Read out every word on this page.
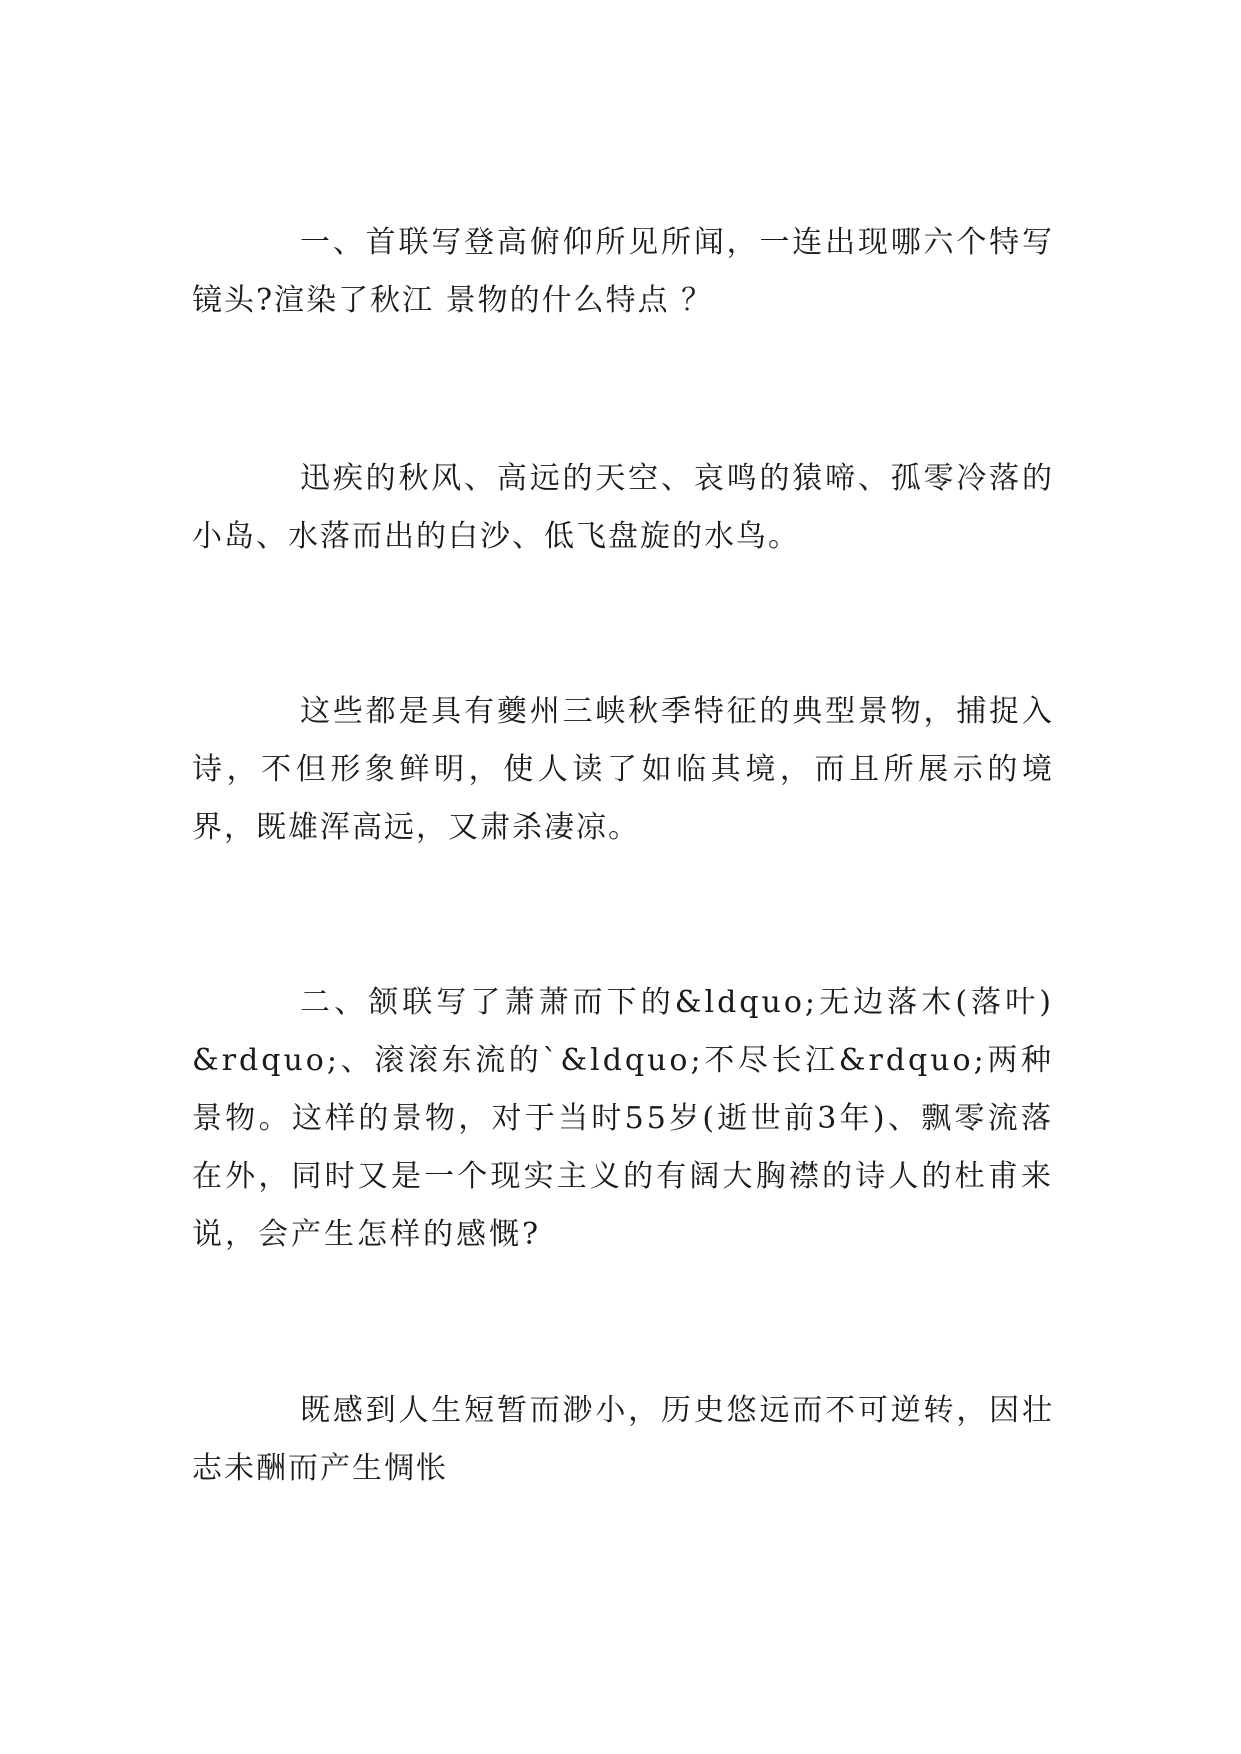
一、首联写登高俯仰所见所闻，一连出现哪六个特写镜头?渲染了秋江 景物的什么特点 ？

迅疾的秋风、高远的天空、哀鸣的猿啼、孤零冷落的小岛、水落而出的白沙、低飞盘旋的水鸟。

这些都是具有夔州三峡秋季特征的典型景物，捕捉入诗，不但形象鲜明，使人读了如临其境，而且所展示的境界，既雄浑高远，又肃杀凄凉。

二、颔联写了萧萧而下的&ldquo;无边落木(落叶)&rdquo;、滚滚东流的`&ldquo;不尽长江&rdquo;两种景物。这样的景物，对于当时55岁(逝世前3年)、飘零流落在外，同时又是一个现实主义的有阔大胸襟的诗人的杜甫来说，会产生怎样的感慨?

既感到人生短暂而渺小，历史悠远而不可逆转，因壮志未酬而产生惆怅
